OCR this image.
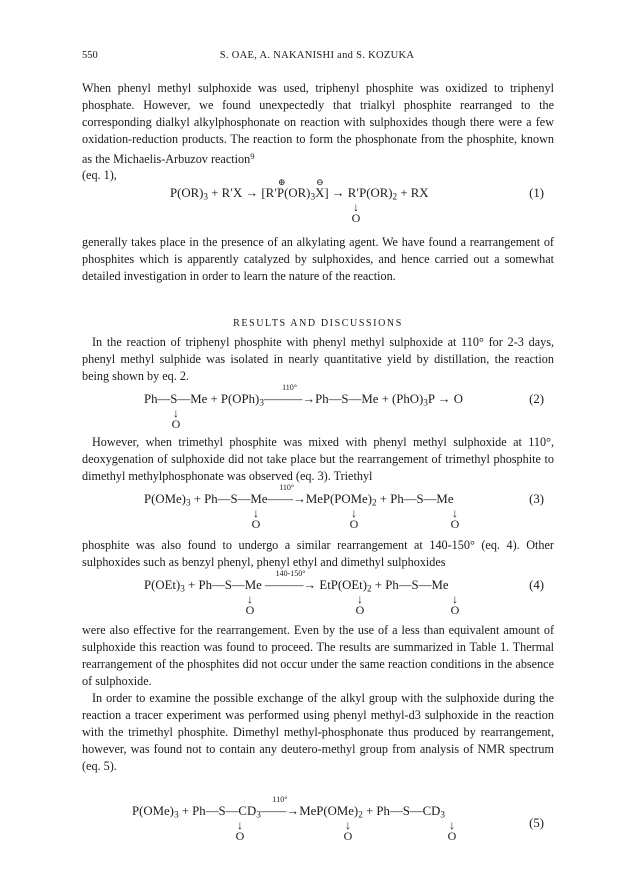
550	S. OAE, A. NAKANISHI and S. KOZUKA

When phenyl methyl sulphoxide was used, triphenyl phosphite was oxidized to triphenyl phosphate. However, we found unexpectedly that trialkyl phosphite rearranged to the corresponding dialkyl alkylphosphonate on reaction with sulphoxides though there were a few oxidation-reduction products. The reaction to form the phosphonate from the phosphite, known as the Michaelis-Arbuzov reaction$^9$
(eq. 1),

$P(OR)_3 + R'X \to [R'P$
⊕
$(OR)_3X$
⊖
] → $R'P(OR)_2$ + RX
↓
O
(1)

generally takes place in the presence of an alkylating agent. We have found a rearrangement of phosphites which is apparently catalyzed by sulphoxides, and hence carried out a somewhat detailed investigation in order to learn the nature of the reaction.

RESULTS AND DISCUSSIONS

In the reaction of triphenyl phosphite with phenyl methyl sulphoxide at 110° for 2-3 days, phenyl methyl sulphide was isolated in nearly quantitative yield by distillation, the reaction being shown by eq. 2.

Ph—S—Me + $P(OPh)_3———\to$
110°
Ph—S—Me + $(PhO)_3P \to O$
↓
O
(2)

However, when trimethyl phosphite was mixed with phenyl methyl sulphoxide at 110°, deoxygenation of sulphoxide did not take place but the rearrangement of trimethyl phosphite to dimethyl methylphosphonate was observed (eq. 3). Triethyl

$P(OMe)_3$ + Ph—S—Me——→
110°
$MeP(POMe)_2$ + Ph—S—Me
↓
O
↓
O
↓
O
(3)

phosphite was also found to undergo a similar rearrangement at 140-150° (eq. 4). Other sulphoxides such as benzyl phenyl, phenyl ethyl and dimethyl sulphoxides

$P(OEt)_3$ + Ph—S—Me ———→
140-150°
$EtP(OEt)_2$ + Ph—S—Me
↓
O
↓
O
↓
O
(4)

were also effective for the rearrangement. Even by the use of a less than equivalent amount of sulphoxide this reaction was found to proceed. The results are summarized in Table 1. Thermal rearrangement of the phosphites did not occur under the same reaction conditions in the absence of sulphoxide.

In order to examine the possible exchange of the alkyl group with the sulphoxide during the reaction a tracer experiment was performed using phenyl methyl-d3 sulphoxide in the reaction with the trimethyl phosphite. Dimethyl methyl-phosphonate thus produced by rearrangement, however, was found not to contain any deutero-methyl group from analysis of NMR spectrum (eq. 5).

$P(OMe)_3$ + $Ph—S—CD_3——\to$
110°
$MeP(OMe)_2$ + $Ph—S—CD_3$
↓
O
↓
O
↓
O
(5)
